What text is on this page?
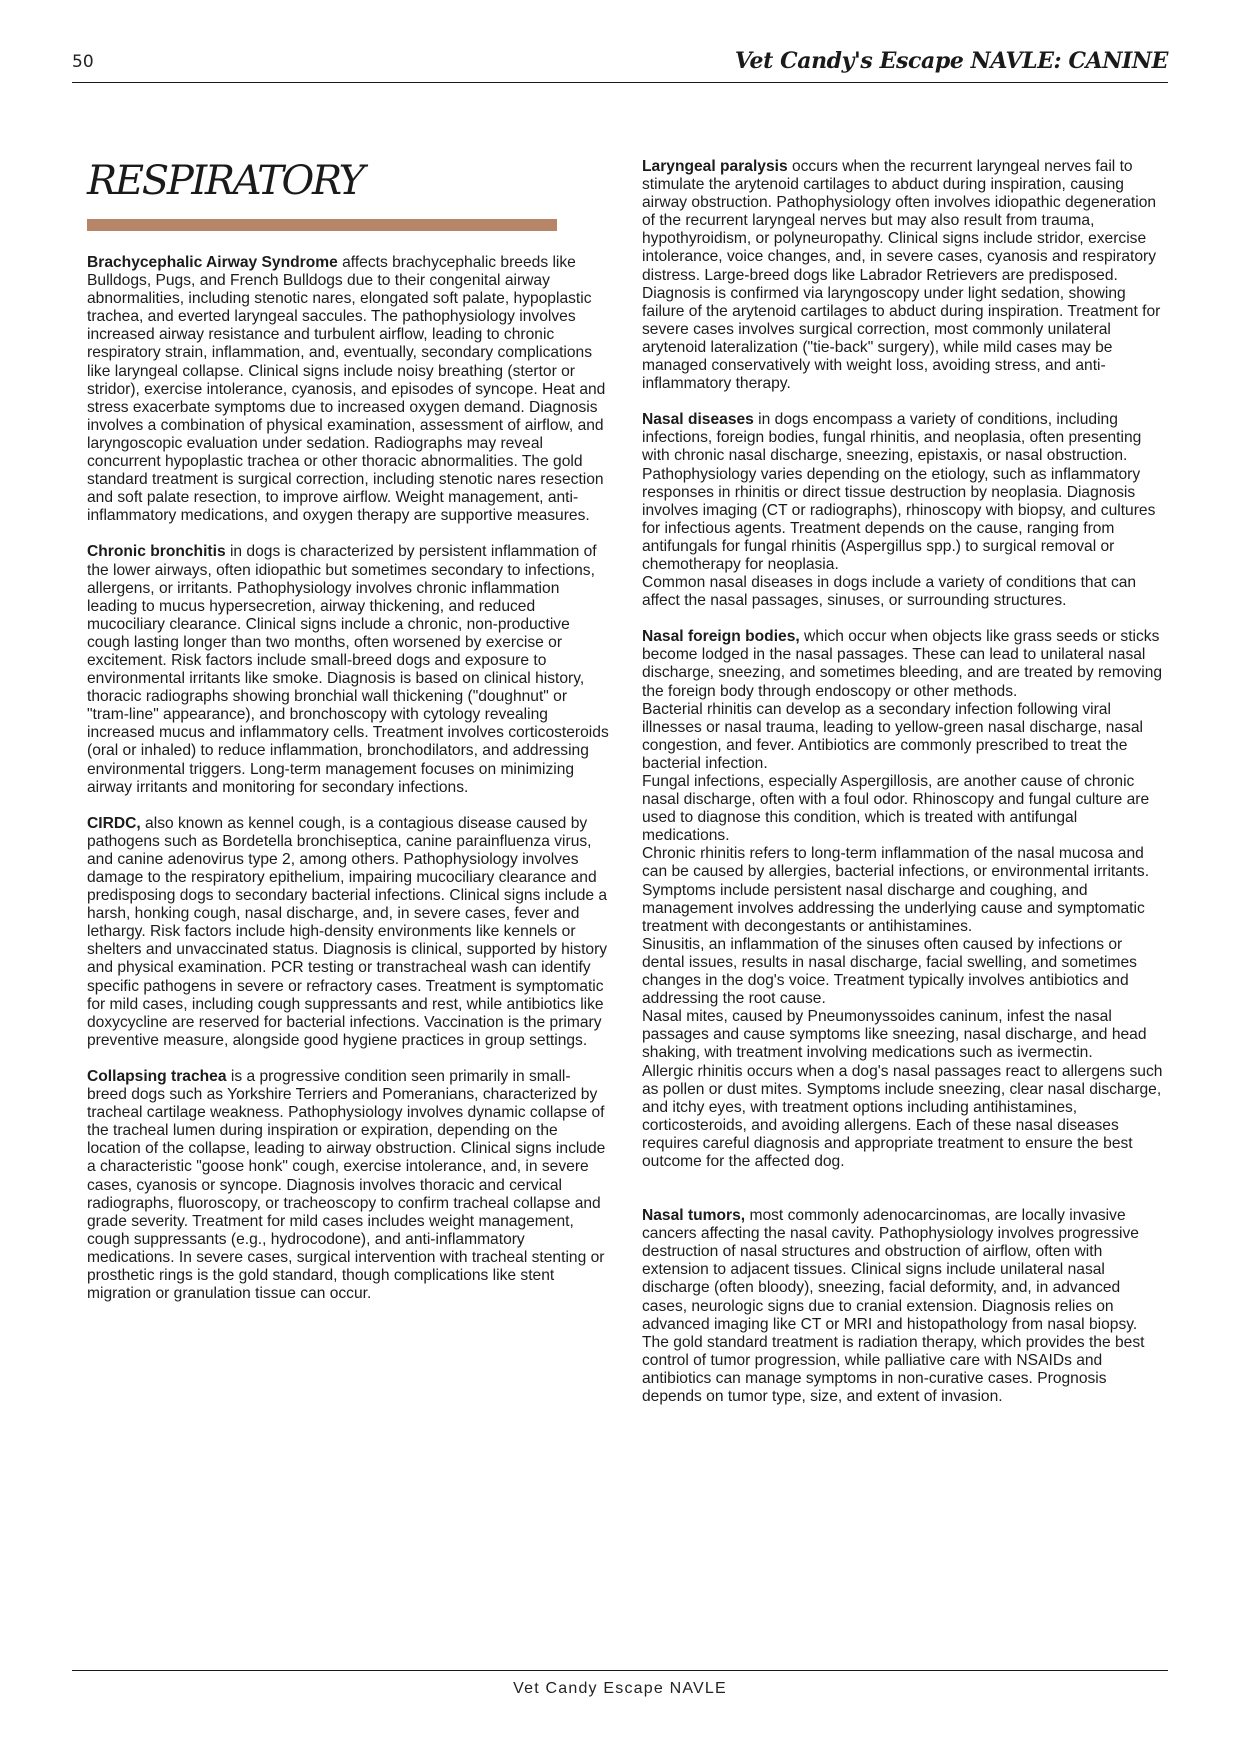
50	Vet Candy's Escape NAVLE: CANINE
RESPIRATORY

Brachycephalic Airway Syndrome affects brachycephalic breeds like Bulldogs, Pugs, and French Bulldogs due to their congenital airway abnormalities, including stenotic nares, elongated soft palate, hypoplastic trachea, and everted laryngeal saccules. The pathophysiology involves increased airway resistance and turbulent airflow, leading to chronic respiratory strain, inflammation, and, eventually, secondary complications like laryngeal collapse. Clinical signs include noisy breathing (stertor or stridor), exercise intolerance, cyanosis, and episodes of syncope. Heat and stress exacerbate symptoms due to increased oxygen demand. Diagnosis involves a combination of physical examination, assessment of airflow, and laryngoscopic evaluation under sedation. Radiographs may reveal concurrent hypoplastic trachea or other thoracic abnormalities. The gold standard treatment is surgical correction, including stenotic nares resection and soft palate resection, to improve airflow. Weight management, anti-inflammatory medications, and oxygen therapy are supportive measures.

Chronic bronchitis in dogs is characterized by persistent inflammation of the lower airways, often idiopathic but sometimes secondary to infections, allergens, or irritants. Pathophysiology involves chronic inflammation leading to mucus hypersecretion, airway thickening, and reduced mucociliary clearance. Clinical signs include a chronic, non-productive cough lasting longer than two months, often worsened by exercise or excitement. Risk factors include small-breed dogs and exposure to environmental irritants like smoke. Diagnosis is based on clinical history, thoracic radiographs showing bronchial wall thickening ("doughnut" or "tram-line" appearance), and bronchoscopy with cytology revealing increased mucus and inflammatory cells. Treatment involves corticosteroids (oral or inhaled) to reduce inflammation, bronchodilators, and addressing environmental triggers. Long-term management focuses on minimizing airway irritants and monitoring for secondary infections.

CIRDC, also known as kennel cough, is a contagious disease caused by pathogens such as Bordetella bronchiseptica, canine parainfluenza virus, and canine adenovirus type 2, among others. Pathophysiology involves damage to the respiratory epithelium, impairing mucociliary clearance and predisposing dogs to secondary bacterial infections. Clinical signs include a harsh, honking cough, nasal discharge, and, in severe cases, fever and lethargy. Risk factors include high-density environments like kennels or shelters and unvaccinated status. Diagnosis is clinical, supported by history and physical examination. PCR testing or transtracheal wash can identify specific pathogens in severe or refractory cases. Treatment is symptomatic for mild cases, including cough suppressants and rest, while antibiotics like doxycycline are reserved for bacterial infections. Vaccination is the primary preventive measure, alongside good hygiene practices in group settings.

Collapsing trachea is a progressive condition seen primarily in small-breed dogs such as Yorkshire Terriers and Pomeranians, characterized by tracheal cartilage weakness. Pathophysiology involves dynamic collapse of the tracheal lumen during inspiration or expiration, depending on the location of the collapse, leading to airway obstruction. Clinical signs include a characteristic "goose honk" cough, exercise intolerance, and, in severe cases, cyanosis or syncope. Diagnosis involves thoracic and cervical radiographs, fluoroscopy, or tracheoscopy to confirm tracheal collapse and grade severity. Treatment for mild cases includes weight management, cough suppressants (e.g., hydrocodone), and anti-inflammatory medications. In severe cases, surgical intervention with tracheal stenting or prosthetic rings is the gold standard, though complications like stent migration or granulation tissue can occur.

Laryngeal paralysis occurs when the recurrent laryngeal nerves fail to stimulate the arytenoid cartilages to abduct during inspiration, causing airway obstruction. Pathophysiology often involves idiopathic degeneration of the recurrent laryngeal nerves but may also result from trauma, hypothyroidism, or polyneuropathy. Clinical signs include stridor, exercise intolerance, voice changes, and, in severe cases, cyanosis and respiratory distress. Large-breed dogs like Labrador Retrievers are predisposed. Diagnosis is confirmed via laryngoscopy under light sedation, showing failure of the arytenoid cartilages to abduct during inspiration. Treatment for severe cases involves surgical correction, most commonly unilateral arytenoid lateralization ("tie-back" surgery), while mild cases may be managed conservatively with weight loss, avoiding stress, and anti-inflammatory therapy.

Nasal diseases in dogs encompass a variety of conditions, including infections, foreign bodies, fungal rhinitis, and neoplasia, often presenting with chronic nasal discharge, sneezing, epistaxis, or nasal obstruction. Pathophysiology varies depending on the etiology, such as inflammatory responses in rhinitis or direct tissue destruction by neoplasia. Diagnosis involves imaging (CT or radiographs), rhinoscopy with biopsy, and cultures for infectious agents. Treatment depends on the cause, ranging from antifungals for fungal rhinitis (Aspergillus spp.) to surgical removal or chemotherapy for neoplasia.

Common nasal diseases in dogs include a variety of conditions that can affect the nasal passages, sinuses, or surrounding structures.

Nasal foreign bodies, which occur when objects like grass seeds or sticks become lodged in the nasal passages. These can lead to unilateral nasal discharge, sneezing, and sometimes bleeding, and are treated by removing the foreign body through endoscopy or other methods.

Bacterial rhinitis can develop as a secondary infection following viral illnesses or nasal trauma, leading to yellow-green nasal discharge, nasal congestion, and fever. Antibiotics are commonly prescribed to treat the bacterial infection.

Fungal infections, especially Aspergillosis, are another cause of chronic nasal discharge, often with a foul odor. Rhinoscopy and fungal culture are used to diagnose this condition, which is treated with antifungal medications.

Chronic rhinitis refers to long-term inflammation of the nasal mucosa and can be caused by allergies, bacterial infections, or environmental irritants. Symptoms include persistent nasal discharge and coughing, and management involves addressing the underlying cause and symptomatic treatment with decongestants or antihistamines.

Sinusitis, an inflammation of the sinuses often caused by infections or dental issues, results in nasal discharge, facial swelling, and sometimes changes in the dog's voice. Treatment typically involves antibiotics and addressing the root cause.

Nasal mites, caused by Pneumonyssoides caninum, infest the nasal passages and cause symptoms like sneezing, nasal discharge, and head shaking, with treatment involving medications such as ivermectin.

Allergic rhinitis occurs when a dog's nasal passages react to allergens such as pollen or dust mites. Symptoms include sneezing, clear nasal discharge, and itchy eyes, with treatment options including antihistamines, corticosteroids, and avoiding allergens. Each of these nasal diseases requires careful diagnosis and appropriate treatment to ensure the best outcome for the affected dog.

Nasal tumors, most commonly adenocarcinomas, are locally invasive cancers affecting the nasal cavity. Pathophysiology involves progressive destruction of nasal structures and obstruction of airflow, often with extension to adjacent tissues. Clinical signs include unilateral nasal discharge (often bloody), sneezing, facial deformity, and, in advanced cases, neurologic signs due to cranial extension. Diagnosis relies on advanced imaging like CT or MRI and histopathology from nasal biopsy. The gold standard treatment is radiation therapy, which provides the best control of tumor progression, while palliative care with NSAIDs and antibiotics can manage symptoms in non-curative cases. Prognosis depends on tumor type, size, and extent of invasion.

Vet Candy Escape NAVLE
